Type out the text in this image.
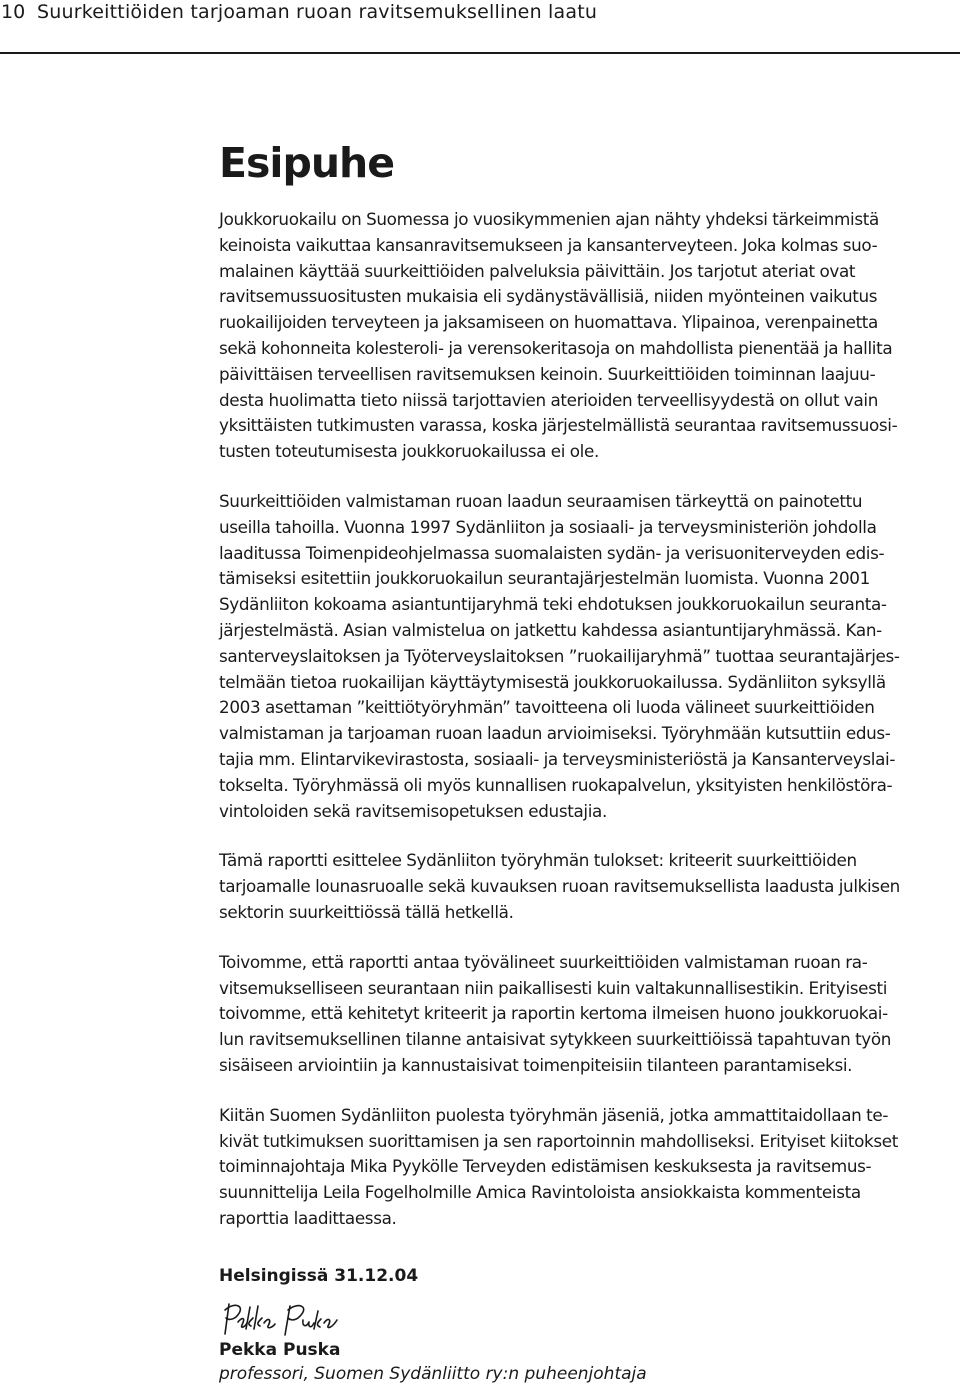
10 Suurkeittiöiden tarjoaman ruoan ravitsemuksellinen laatu
Esipuhe

Joukkoruokailu on Suomessa jo vuosikymmenien ajan nähty yhdeksi tärkeimmistä
keinoista vaikuttaa kansanravitsemukseen ja kansanterveyteen. Joka kolmas suo-
malainen käyttää suurkeittiöiden palveluksia päivittäin. Jos tarjotut ateriat ovat
ravitsemussuositusten mukaisia eli sydänystävällisiä, niiden myönteinen vaikutus
ruokailijoiden terveyteen ja jaksamiseen on huomattava. Ylipainoa, verenpainetta
sekä kohonneita kolesteroli- ja verensokeritasoja on mahdollista pienentää ja hallita
päivittäisen terveellisen ravitsemuksen keinoin. Suurkeittiöiden toiminnan laajuu-
desta huolimatta tieto niissä tarjottavien aterioiden terveellisyydestä on ollut vain
yksittäisten tutkimusten varassa, koska järjestelmällistä seurantaa ravitsemussuosi-
tusten toteutumisesta joukkoruokailussa ei ole.

Suurkeittiöiden valmistaman ruoan laadun seuraamisen tärkeyttä on painotettu
useilla tahoilla. Vuonna 1997 Sydänliiton ja sosiaali- ja terveysministeriön johdolla
laaditussa Toimenpideohjelmassa suomalaisten sydän- ja verisuoniterveyden edis-
tämiseksi esitettiin joukkoruokailun seurantajärjestelmän luomista. Vuonna 2001
Sydänliiton kokoama asiantuntijaryhmä teki ehdotuksen joukkoruokailun seuranta-
järjestelmästä. Asian valmistelua on jatkettu kahdessa asiantuntijaryhmässä. Kan-
santerveyslaitoksen ja Työterveyslaitoksen ”ruokailijaryhmä” tuottaa seurantajärjes-
telmään tietoa ruokailijan käyttäytymisestä joukkoruokailussa. Sydänliiton syksyllä
2003 asettaman ”keittiötyöryhmän” tavoitteena oli luoda välineet suurkeittiöiden
valmistaman ja tarjoaman ruoan laadun arvioimiseksi. Työryhmään kutsuttiin edus-
tajia mm. Elintarvikevirastosta, sosiaali- ja terveysministeriöstä ja Kansanterveyslai-
tokselta. Työryhmässä oli myös kunnallisen ruokapalvelun, yksityisten henkilöstöra-
vintoloiden sekä ravitsemisopetuksen edustajia.

Tämä raportti esittelee Sydänliiton työryhmän tulokset: kriteerit suurkeittiöiden
tarjoamalle lounasruoalle sekä kuvauksen ruoan ravitsemuksellista laadusta julkisen
sektorin suurkeittiössä tällä hetkellä.

Toivomme, että raportti antaa työvälineet suurkeittiöiden valmistaman ruoan ra-
vitsemukselliseen seurantaan niin paikallisesti kuin valtakunnallisestikin. Erityisesti
toivomme, että kehitetyt kriteerit ja raportin kertoma ilmeisen huono joukkoruokai-
lun ravitsemuksellinen tilanne antaisivat sytykkeen suurkeittiöissä tapahtuvan työn
sisäiseen arviointiin ja kannustaisivat toimenpiteisiin tilanteen parantamiseksi.

Kiitän Suomen Sydänliiton puolesta työryhmän jäseniä, jotka ammattitaidollaan te-
kivät tutkimuksen suorittamisen ja sen raportoinnin mahdolliseksi. Erityiset kiitokset
toiminnajohtaja Mika Pyykölle Terveyden edistämisen keskuksesta ja ravitsemus-
suunnittelija Leila Fogelholmille Amica Ravintoloista ansiokkaista kommenteista
raporttia laadittaessa.

Helsingissä 31.12.04

Pekka Puska

professori, Suomen Sydänliitto ry:n puheenjohtaja
